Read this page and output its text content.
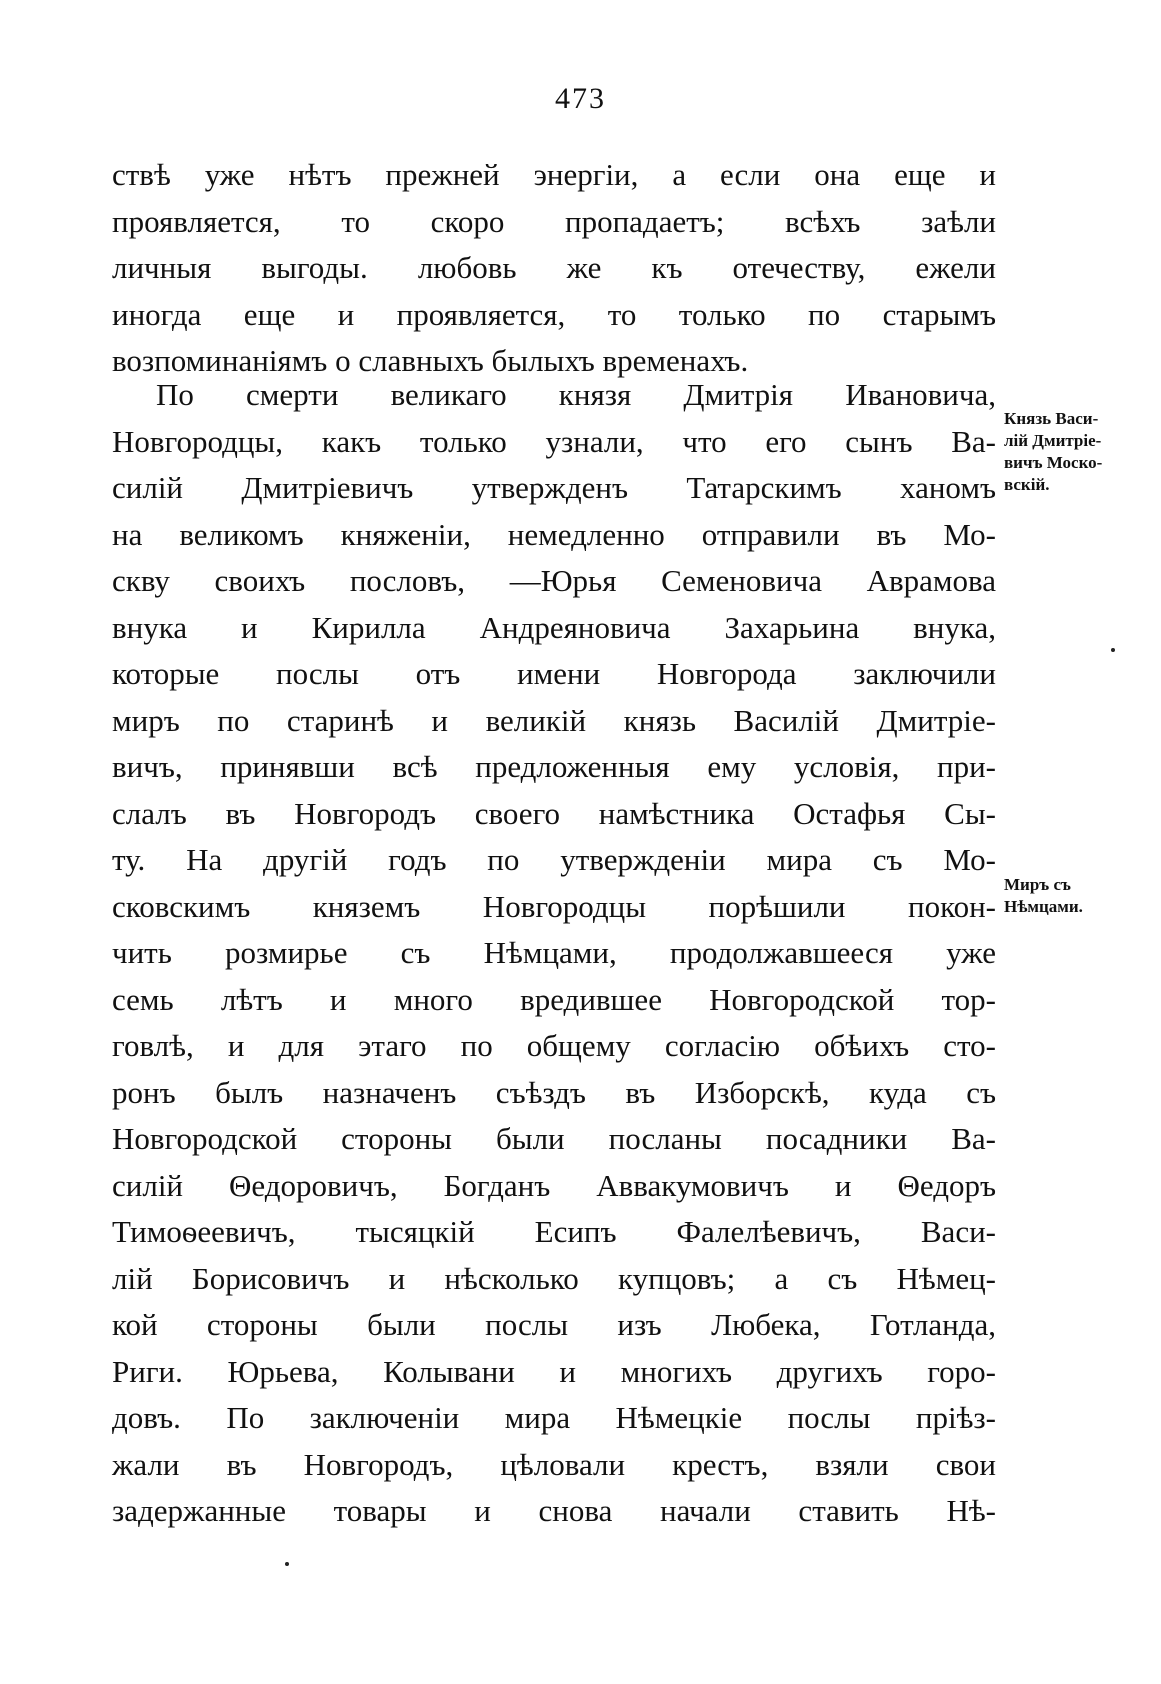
473
ствѣ уже нѣтъ прежней энергіи, а если она еще и
проявляется, то скоро пропадаетъ; всѣхъ заѣли
личныя выгоды. любовь же къ отечеству, ежели
иногда еще и проявляется, то только по старымъ
возпоминаніямъ о славныхъ былыхъ временахъ.
По смерти великаго князя Дмитрія Ивановича,
Новгородцы, какъ только узнали, что его сынъ Ва-
силій Дмитріевичъ утвержденъ Татарскимъ ханомъ
на великомъ княженіи, немедленно отправили въ Мо-
скву своихъ пословъ, —Юрья Семеновича Аврамова
внука и Кирилла Андреяновича Захарьина внука,
которые послы отъ имени Новгорода заключили
миръ по старинѣ и великій князь Василій Дмитріе-
вичъ, принявши всѣ предложенныя ему условія, при-
слалъ въ Новгородъ своего намѣстника Остафья Сы-
ту. На другій годъ по утвержденіи мира съ Мо-
сковскимъ княземъ Новгородцы порѣшили покон-
чить розмирье съ Нѣмцами, продолжавшееся уже
семь лѣтъ и много вредившее Новгородской тор-
говлѣ, и для этаго по общему согласію обѣихъ сто-
ронъ былъ назначенъ съѣздъ въ Изборскѣ, куда съ
Новгородской стороны были посланы посадники Ва-
силій Θедоровичъ, Богданъ Аввакумовичъ и Θедоръ
Тимоѳеевичъ, тысяцкій Есипъ Фалелѣевичъ, Васи-
лій Борисовичъ и нѣсколько купцовъ; а съ Нѣмец-
кой стороны были послы изъ Любека, Готланда,
Риги. Юрьева, Колывани и многихъ другихъ горо-
довъ. По заключеніи мира Нѣмецкіе послы пріѣз-
жали въ Новгородъ, цѣловали крестъ, взяли свои
задержанные товары и снова начали ставить Нѣ-
Князь Васи-
лій Дмитріе-
вичъ Моско-
вскій.
Миръ съ
Нѣмцами.
